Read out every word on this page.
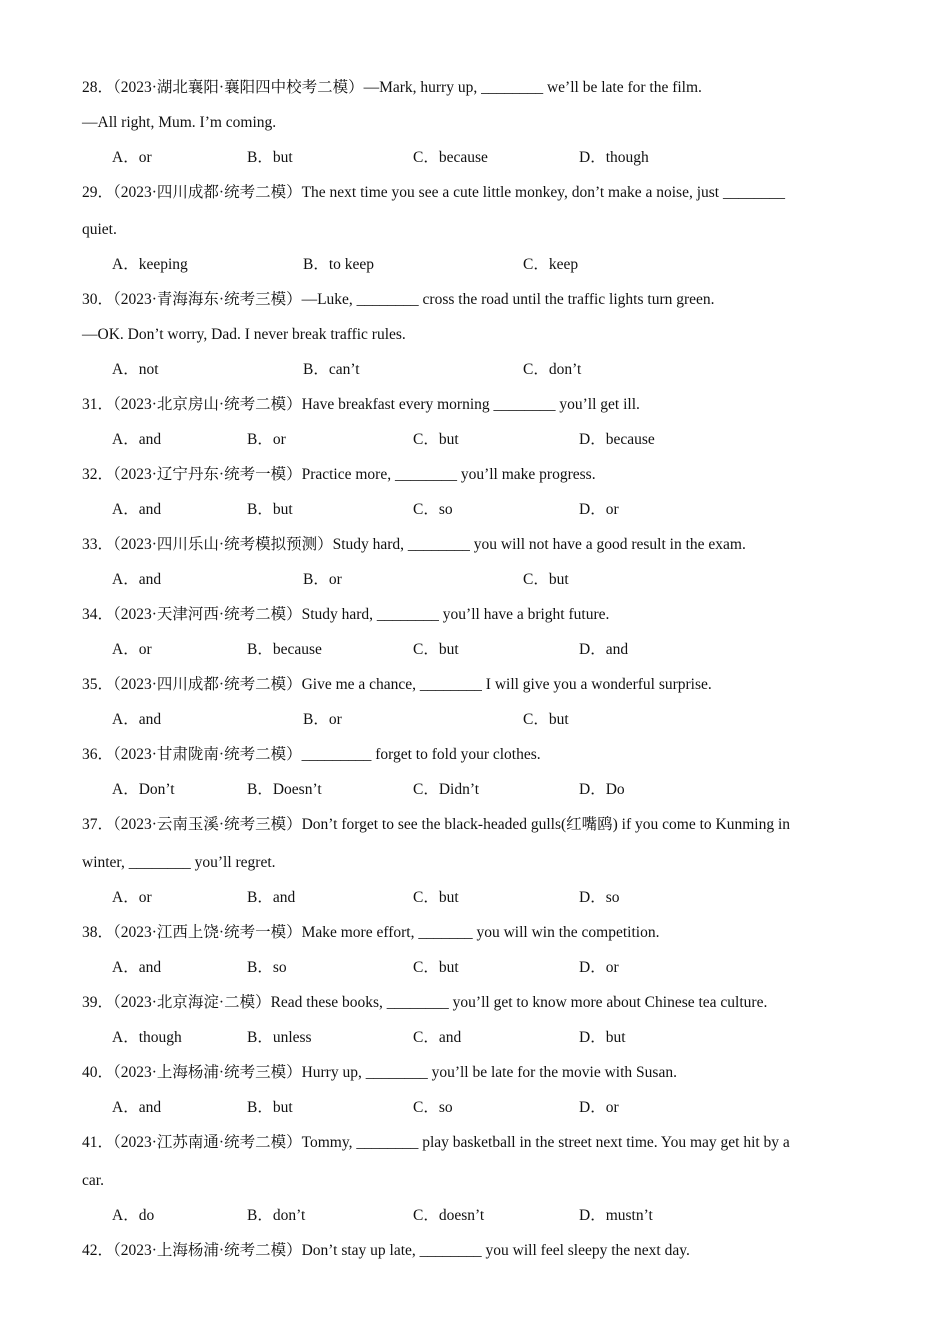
28．（2023·湖北襄阳·襄阳四中校考二模）—Mark, hurry up, ________ we’ll be late for the film.
—All right, Mum. I’m coming.
A．or	B．but	C．because	D．though
29．（2023·四川成都·统考二模）The next time you see a cute little monkey, don’t make a noise, just ________
quiet.
A．keeping	B．to keep	C．keep
30．（2023·青海海东·统考三模）—Luke, ________ cross the road until the traffic lights turn green.
—OK. Don’t worry, Dad. I never break traffic rules.
A．not	B．can’t	C．don’t
31．（2023·北京房山·统考二模）Have breakfast every morning ________ you’ll get ill.
A．and	B．or	C．but	D．because
32．（2023·辽宁丹东·统考一模）Practice more, ________ you’ll make progress.
A．and	B．but	C．so	D．or
33．（2023·四川乐山·统考模拟预测）Study hard, ________ you will not have a good result in the exam.
A．and	B．or	C．but
34．（2023·天津河西·统考二模）Study hard, ________ you’ll have a bright future.
A．or	B．because	C．but	D．and
35．（2023·四川成都·统考二模）Give me a chance, ________ I will give you a wonderful surprise.
A．and	B．or	C．but
36．（2023·甘肃陇南·统考二模）_________ forget to fold your clothes.
A．Don’t	B．Doesn’t	C．Didn’t	D．Do
37．（2023·云南玉溪·统考三模）Don’t forget to see the black-headed gulls(红嘴鸥) if you come to Kunming in
winter, ________ you’ll regret.
A．or	B．and	C．but	D．so
38．（2023·江西上饶·统考一模）Make more effort, _______ you will win the competition.
A．and	B．so	C．but	D．or
39．（2023·北京海淀·二模）Read these books, ________ you’ll get to know more about Chinese tea culture.
A．though	B．unless	C．and	D．but
40．（2023·上海杨浦·统考三模）Hurry up, ________ you’ll be late for the movie with Susan.
A．and	B．but	C．so	D．or
41．（2023·江苏南通·统考二模）Tommy, ________ play basketball in the street next time. You may get hit by a
car.
A．do	B．don’t	C．doesn’t	D．mustn’t
42．（2023·上海杨浦·统考二模）Don’t stay up late, ________ you will feel sleepy the next day.
